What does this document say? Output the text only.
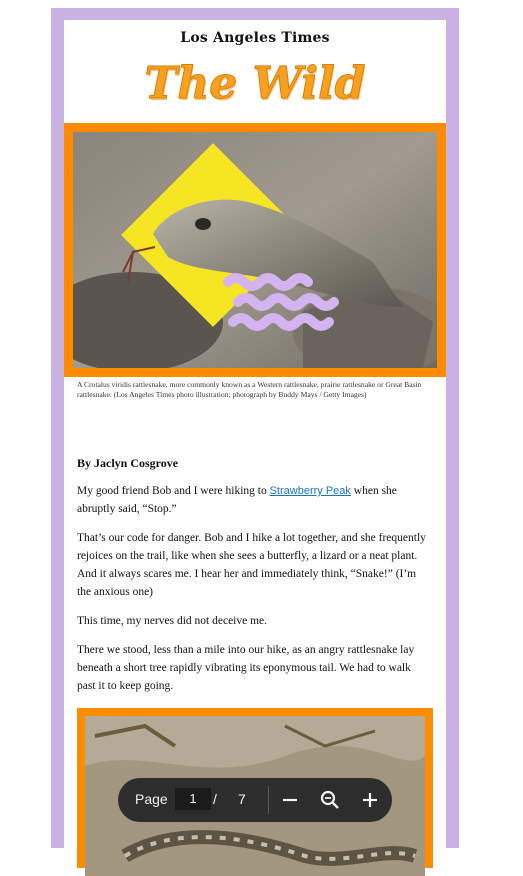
Los Angeles Times
The Wild
A Crotalus viridis rattlesnake, more commonly known as a Western rattlesnake, prairie rattlesnake or Great Basin rattlesnake. (Los Angeles Times photo illustration; photograph by Buddy Mays / Getty Images)
By Jaclyn Cosgrove

My good friend Bob and I were hiking to Strawberry Peak when she abruptly said, “Stop.”

That’s our code for danger. Bob and I hike a lot together, and she frequently rejoices on the trail, like when she sees a butterfly, a lizard or a neat plant. And it always scares me. I hear her and immediately think, “Snake!” (I’m the anxious one)

This time, my nerves did not deceive me.

There we stood, less than a mile into our hike, as an angry rattlesnake lay beneath a short tree rapidly vibrating its eponymous tail. We had to walk past it to keep going.

Page	1	/ 7
